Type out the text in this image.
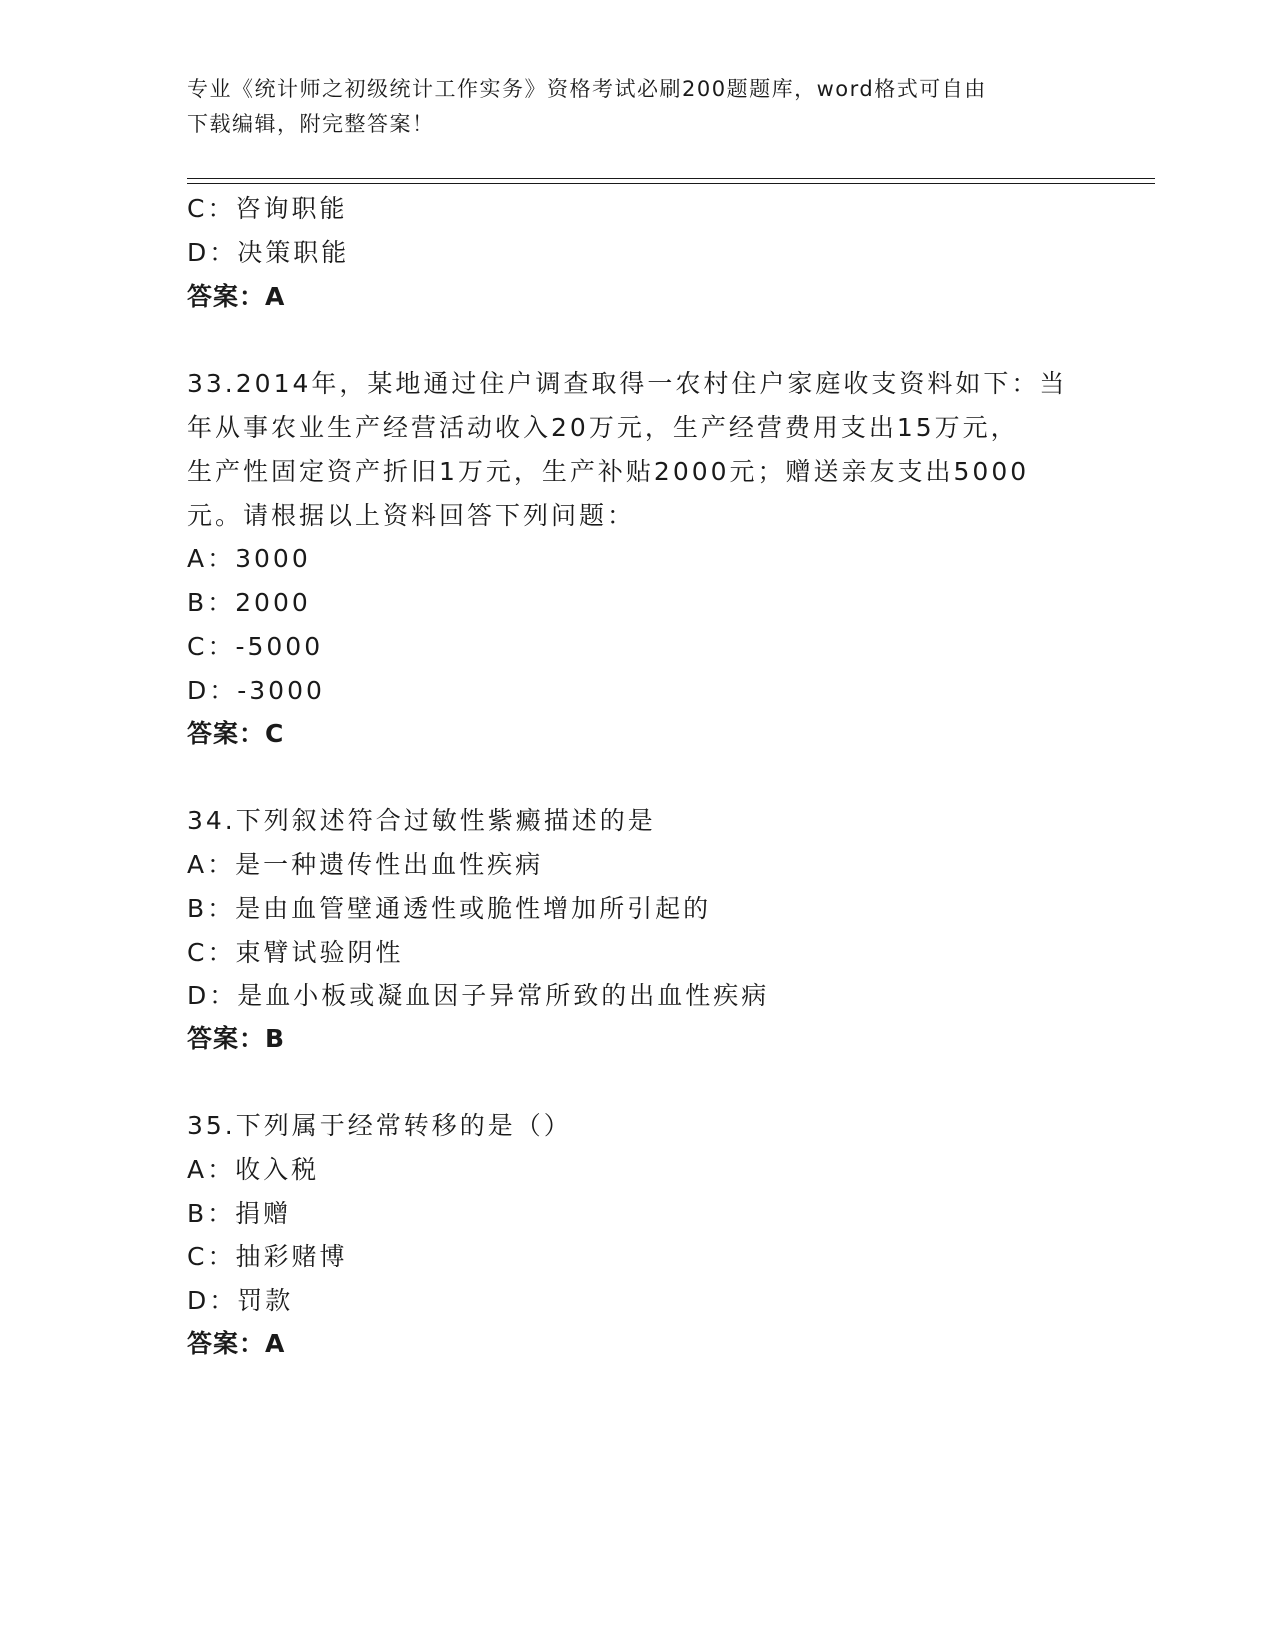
专业《统计师之初级统计工作实务》资格考试必刷200题题库，word格式可自由
下载编辑，附完整答案！
C：咨询职能
D：决策职能
答案：A
33.2014年，某地通过住户调查取得一农村住户家庭收支资料如下：当
年从事农业生产经营活动收入20万元，生产经营费用支出15万元，
生产性固定资产折旧1万元，生产补贴2000元；赠送亲友支出5000
元。请根据以上资料回答下列问题：
A：3000
B：2000
C：-5000
D：-3000
答案：C
34.下列叙述符合过敏性紫癜描述的是
A：是一种遗传性出血性疾病
B：是由血管壁通透性或脆性增加所引起的
C：束臂试验阴性
D：是血小板或凝血因子异常所致的出血性疾病
答案：B
35.下列属于经常转移的是（）
A：收入税
B：捐赠
C：抽彩赌博
D：罚款
答案：A
